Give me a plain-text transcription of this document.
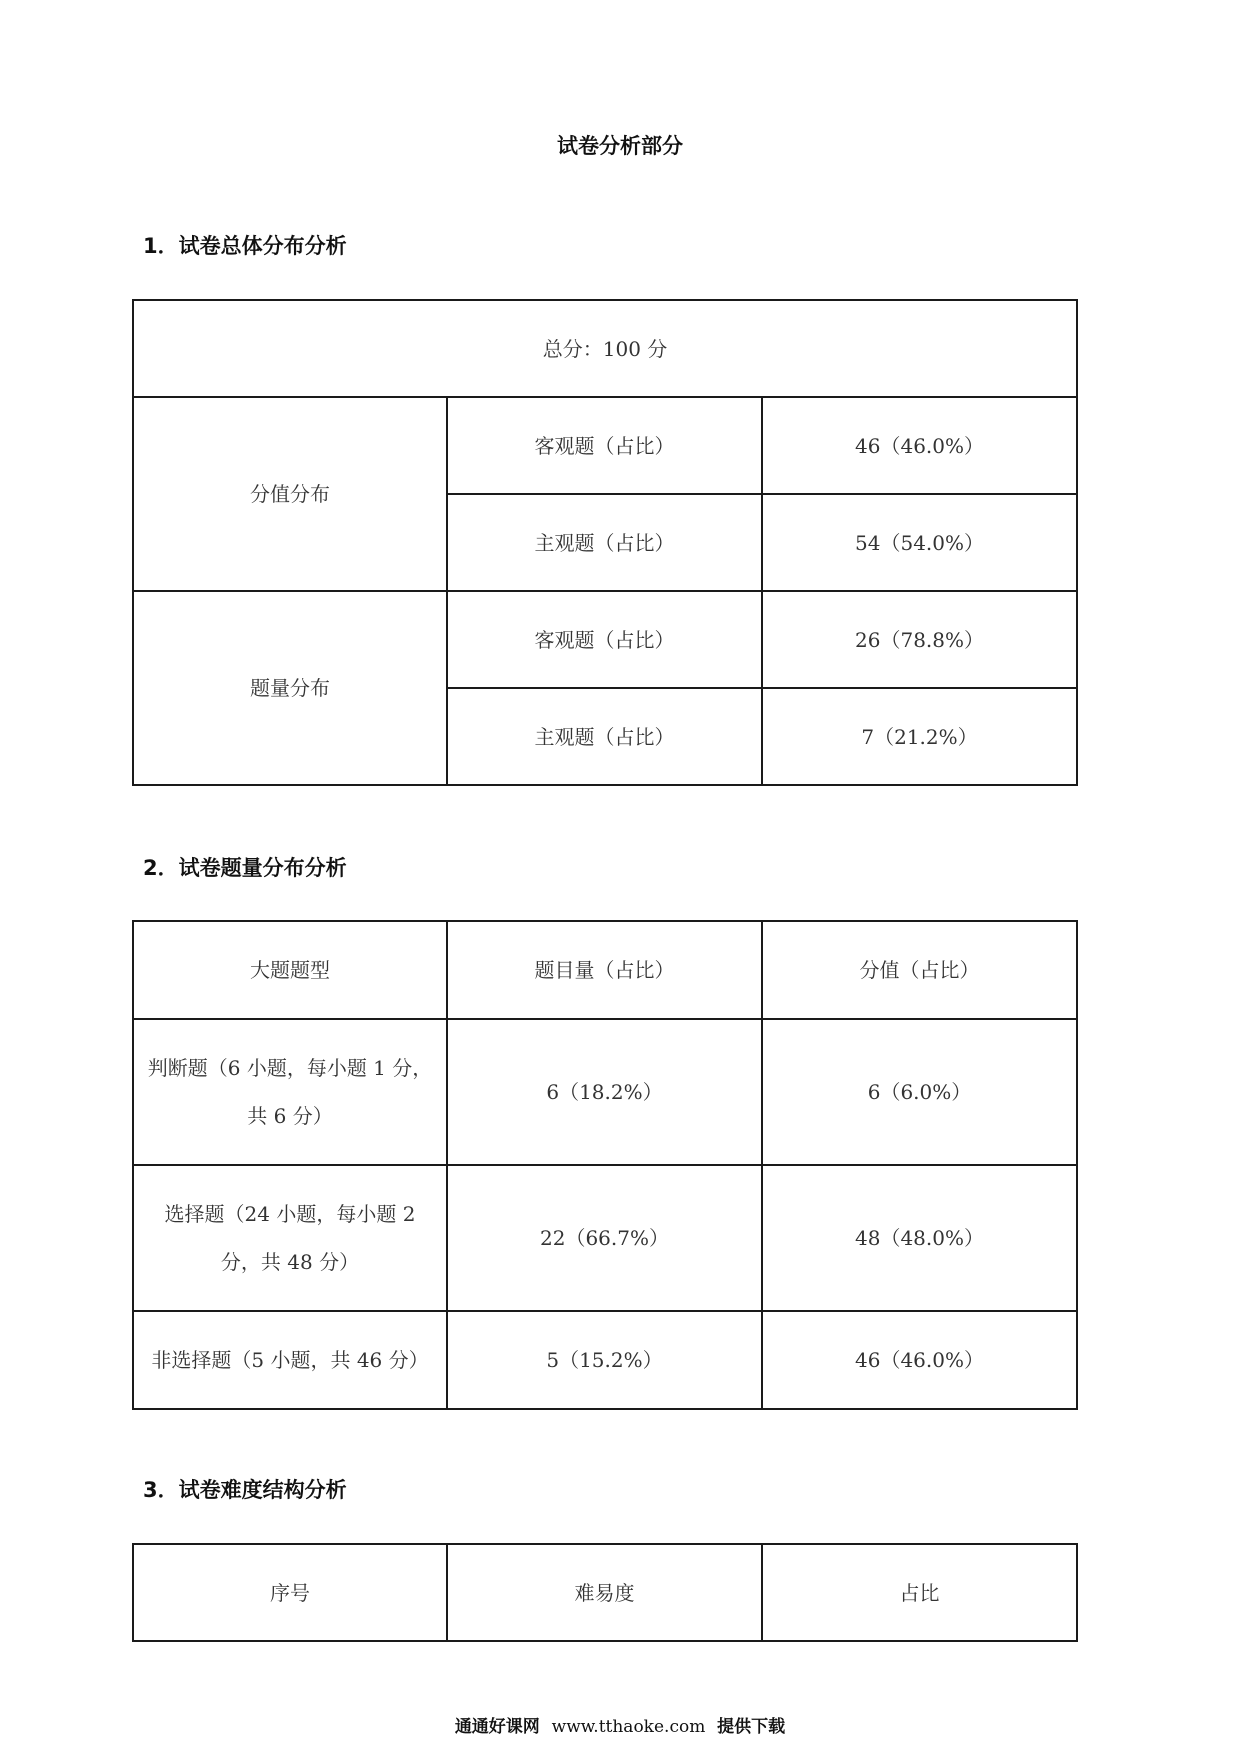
试卷分析部分
1．试卷总体分布分析
总分：100 分		
分值分布	客观题（占比）	46（46.0%）
	主观题（占比）	54（54.0%）
题量分布	客观题（占比）	26（78.8%）
	主观题（占比）	7（21.2%）
2．试卷题量分布分析
大题题型	题目量（占比）	分值（占比）
判断题（6 小题，每小题 1 分，共 6 分）	6（18.2%）	6（6.0%）
选择题（24 小题，每小题 2 分，共 48 分）	22（66.7%）	48（48.0%）
非选择题（5 小题，共 46 分）	5（15.2%）	46（46.0%）
3．试卷难度结构分析
序号	难易度	占比
通通好课网 www.tthaoke.com 提供下载
